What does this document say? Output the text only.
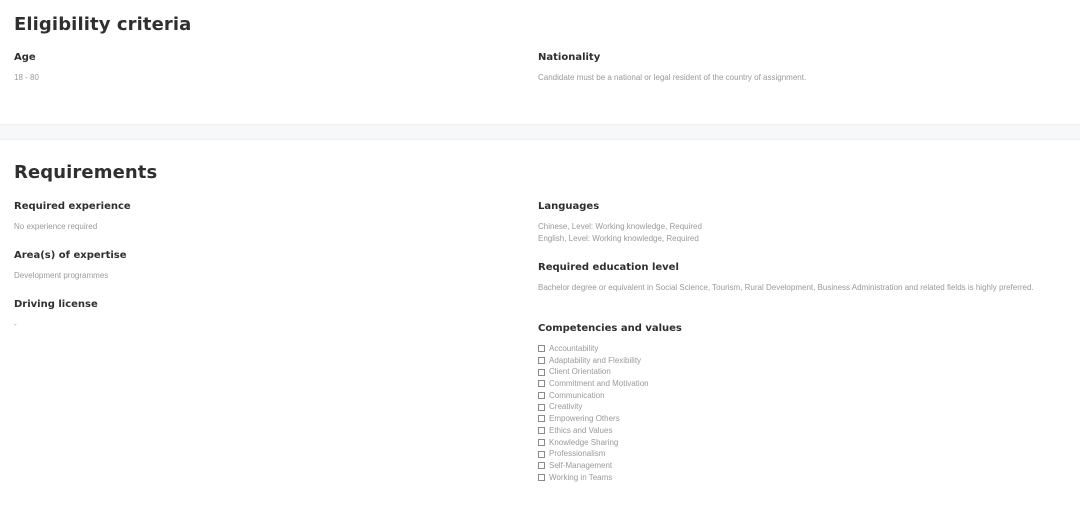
Eligibility criteria

Age

18 - 80

Nationality

Candidate must be a national or legal resident of the country of assignment.

Requirements

Required experience

No experience required

Area(s) of expertise

Development programmes

Driving license

-

Languages

Chinese, Level: Working knowledge, Required

English, Level: Working knowledge, Required

Required education level

Bachelor degree or equivalent in Social Science, Tourism, Rural Development, Business Administration and related fields is highly preferred.

Competencies and values

Accountability
Adaptability and Flexibility
Client Orientation
Commitment and Motivation
Communication
Creativity
Empowering Others
Ethics and Values
Knowledge Sharing
Professionalism
Self-Management
Working in Teams
